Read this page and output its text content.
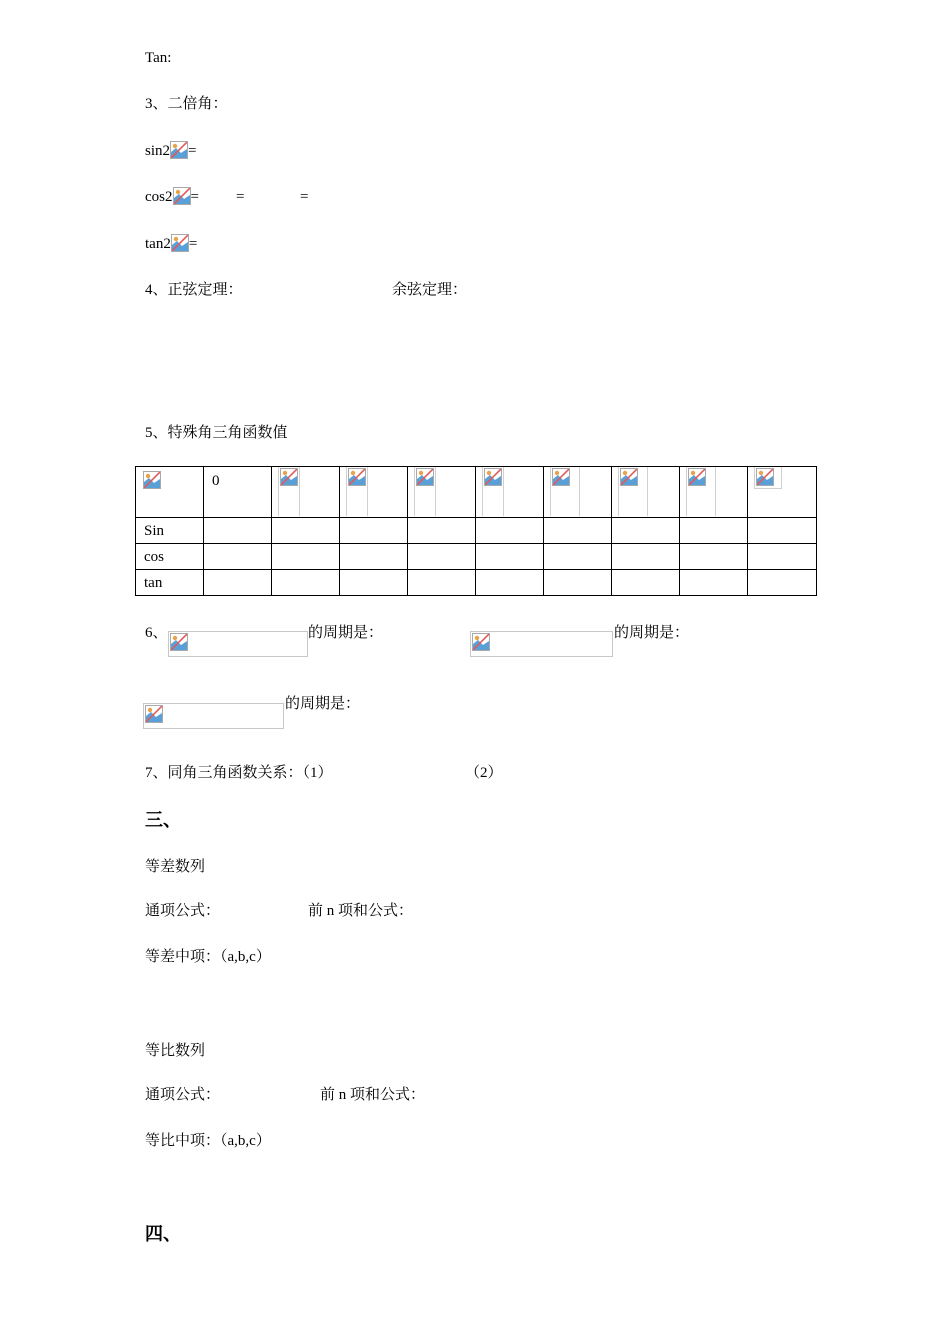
Tan:
3、二倍角：
sin2 =
cos2 = =	=
tan2 =
4、正弦定理：	余弦定理：
5、特殊角三角函数值
	0	

Sin									
cos									
tan									
6、	的周期是：	的周期是：
的周期是：
7、同角三角函数关系：（1）	（2）
三、
等差数列
通项公式：	前 n 项和公式：
等差中项：（a,b,c）
等比数列
通项公式：	前 n 项和公式：
等比中项：（a,b,c）
四、
